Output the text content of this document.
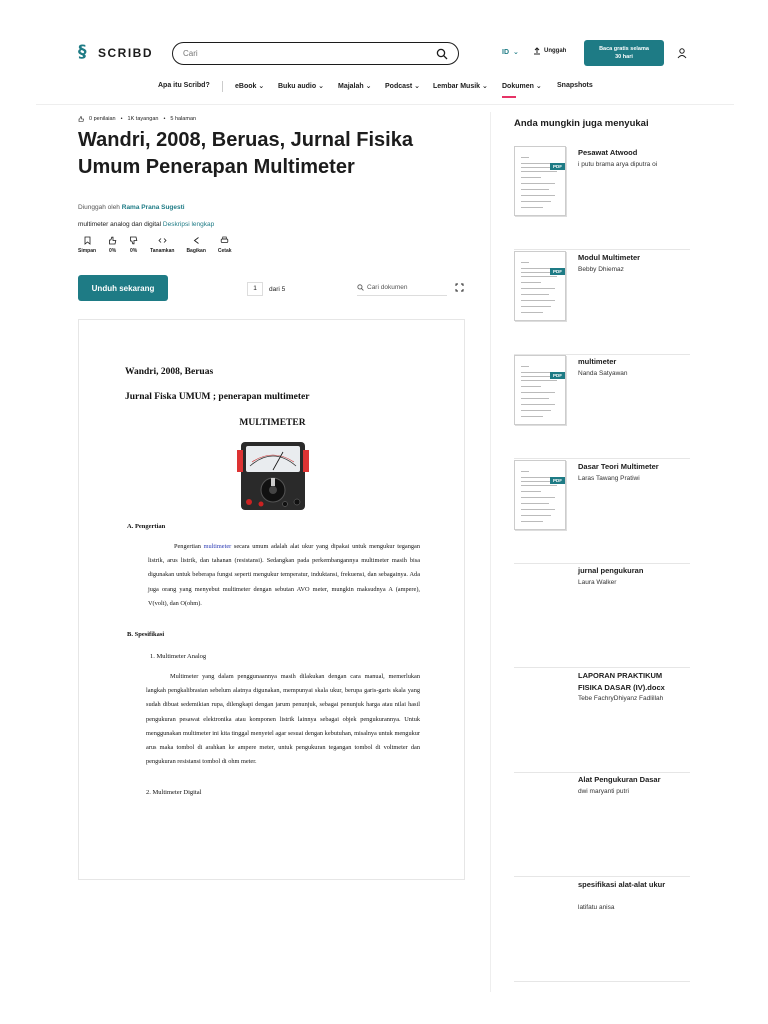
§ SCRIBD
Cari	ID ⌄	Unggah	Baca gratis selama
30 hari
Apa itu Scribd?	eBook ⌄ Buku audio ⌄ Majalah ⌄ Podcast ⌄ Lembar Musik ⌄ Dokumen ⌄ Snapshots
0 penilaian • 1K tayangan • 5 halaman
Wandri, 2008, Beruas, Jurnal Fisika Umum Penerapan Multimeter
Diunggah oleh Rama Prana Sugesti
multimeter analog dan digital Deskripsi lengkap
Simpan	0%	0%	Tanamkan Bagikan Cetak
Unduh sekarang	1	dari 5	Cari dokumen
Wandri, 2008, Beruas
Jurnal Fiska UMUM ; penerapan multimeter
MULTIMETER
A. Pengertian
Pengertian multimeter secara umum adalah alat ukur yang dipakai untuk mengukur tegangan listrik, arus listrik, dan tahanan (resistansi). Sedangkan pada perkembangannya multimeter masih bisa digunakan untuk beberapa fungsi seperti mengukur temperatur, induktansi, frekuensi, dan sebagainya. Ada juga orang yang menyebut multimeter dengan sebutan AVO meter, mungkin maksudnya A (ampere), V(volt), dan O(ohm).
B. Spesifikasi
1. Multimeter Analog
Multimeter yang dalam penggunaannya masih dilakukan dengan cara manual, memerlukan langkah pengkalibrasian sebelum alatnya digunakan, mempunyai skala ukur, berupa garis-garis skala yang sudah dibuat sedemikian rupa, dilengkapi dengan jarum penunjuk, sebagai penunjuk harga atau nilai hasil pengukuran pesawat elektronika atau komponen listrik lainnya sebagai objek pengukurannya. Untuk menggunakan multimeter ini kita tinggal menyetel agar sesuai dengan kebutuhan, misalnya untuk mengukur arus maka tombol di arahkan ke ampere meter, untuk pengukuran tegangan tombol di voltmeter dan pengukuran resistansi tombol di ohm meter.
2. Multimeter Digital
Anda mungkin juga menyukai
PDF
Pesawat Atwood
i putu brama arya diputra oi
PDF
Modul Multimeter
Bebby Dhiemaz
PDF
multimeter
Nanda Satyawan
PDF
Dasar Teori Multimeter
Laras Tawang Pratiwi
jurnal pengukuran
Laura Walker
LAPORAN PRAKTIKUM FISIKA DASAR (IV).docx
Tebe FachryDhiyanz Fadlillah
Alat Pengukuran Dasar
dwi maryanti putri
spesifikasi alat-alat ukur
latifatu anisa
